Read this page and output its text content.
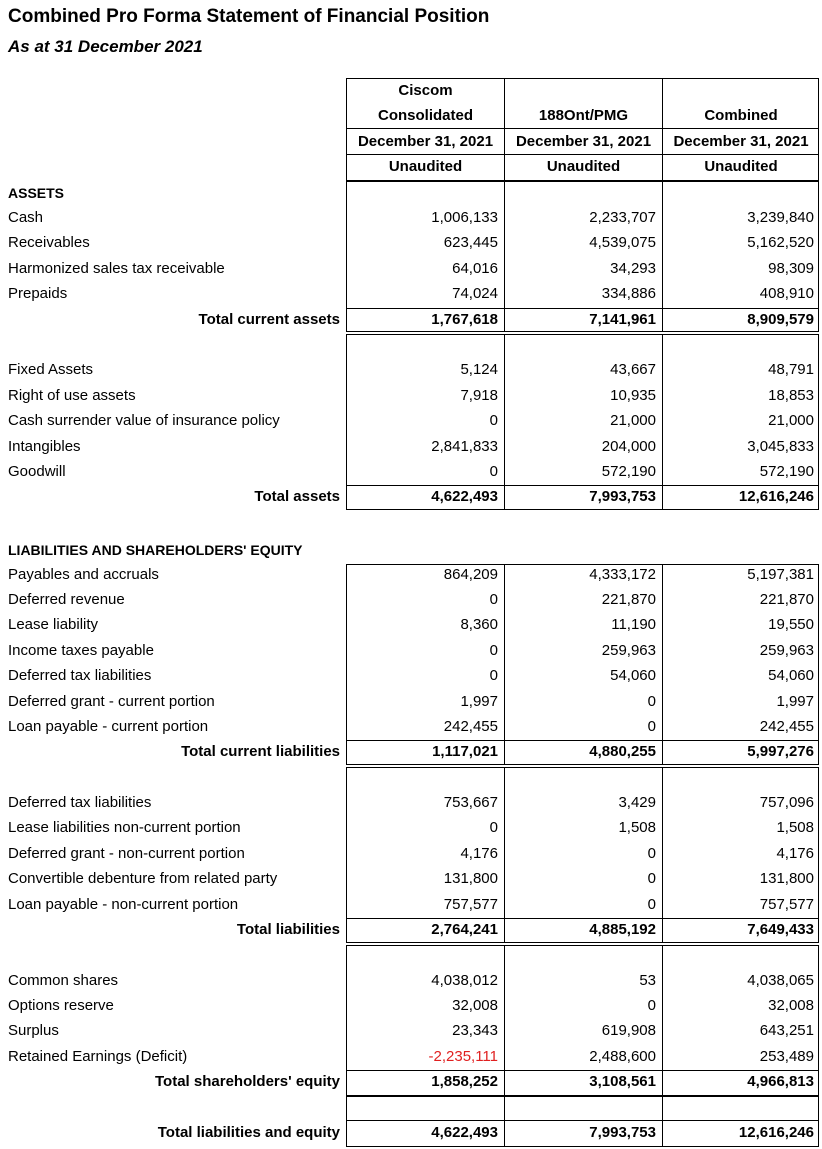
Combined Pro Forma Statement of Financial Position
As at 31 December 2021
Ciscom
Consolidated	188Ont/PMG	Combined
December 31, 2021	December 31, 2021	December 31, 2021
Unaudited	Unaudited	Unaudited
ASSETS
LIABILITIES AND SHAREHOLDERS' EQUITY
Cash	1,006,133	2,233,707	3,239,840
Receivables	623,445	4,539,075	5,162,520
Harmonized sales tax receivable	64,016	34,293	98,309
Prepaids	74,024	334,886	408,910
Total current assets	1,767,618	7,141,961	8,909,579
Fixed Assets	5,124	43,667	48,791
Right of use assets	7,918	10,935	18,853
Cash surrender value of insurance policy	0	21,000	21,000
Intangibles	2,841,833	204,000	3,045,833
Goodwill	0	572,190	572,190
Total assets	4,622,493	7,993,753	12,616,246
Payables and accruals	864,209	4,333,172	5,197,381
Deferred revenue	0	221,870	221,870
Lease liability	8,360	11,190	19,550
Income taxes payable	0	259,963	259,963
Deferred tax liabilities	0	54,060	54,060
Deferred grant - current portion	1,997	0	1,997
Loan payable - current portion	242,455	0	242,455
Total current liabilities	1,117,021	4,880,255	5,997,276
Deferred tax liabilities	753,667	3,429	757,096
Lease liabilities non-current portion	0	1,508	1,508
Deferred grant - non-current portion	4,176	0	4,176
Convertible debenture from related party	131,800	0	131,800
Loan payable - non-current portion	757,577	0	757,577
Total liabilities	2,764,241	4,885,192	7,649,433
Common shares	4,038,012	53	4,038,065
Options reserve	32,008	0	32,008
Surplus	23,343	619,908	643,251
Retained Earnings (Deficit)	-2,235,111	2,488,600	253,489
Total shareholders' equity	1,858,252	3,108,561	4,966,813
Total liabilities and equity	4,622,493	7,993,753	12,616,246
